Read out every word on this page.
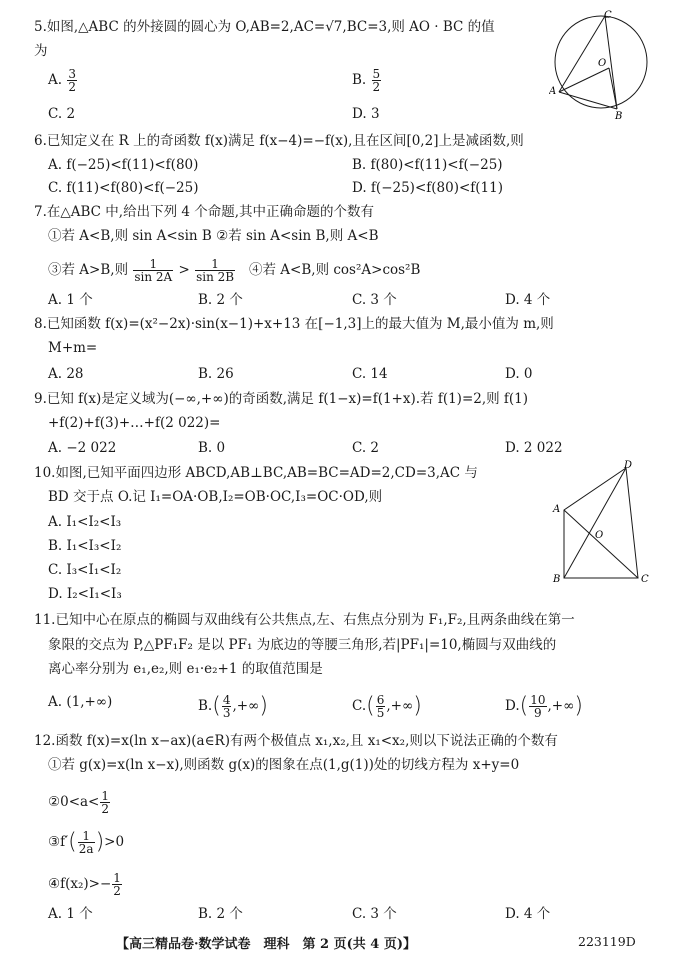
5.如图,△ABC 的外接圆的圆心为 O,AB=2,AC=√7,BC=3,则 AO · BC 的值
为
A. $\frac{3}{2}$	B. $\frac{5}{2}$
C. 2	D. 3
C
O
A
B
6.已知定义在 R 上的奇函数 f(x)满足 f(x−4)=−f(x),且在区间[0,2]上是减函数,则
A. f(−25)<f(11)<f(80)	B. f(80)<f(11)<f(−25)
C. f(11)<f(80)<f(−25)	D. f(−25)<f(80)<f(11)
7.在△ABC 中,给出下列 4 个命题,其中正确命题的个数有
①若 A<B,则 sin A<sin B ②若 sin A<sin B,则 A<B
③若 A>B,则 $\frac{1}{\sin 2A} > \frac{1}{\sin 2B}$ ④若 A<B,则 cos²A>cos²B
A. 1 个	B. 2 个	C. 3 个	D. 4 个
8.已知函数 f(x)=(x²−2x)·sin(x−1)+x+13 在[−1,3]上的最大值为 M,最小值为 m,则
M+m=
A. 28	B. 26	C. 14	D. 0
9.已知 f(x)是定义域为(−∞,+∞)的奇函数,满足 f(1−x)=f(1+x).若 f(1)=2,则 f(1)
+f(2)+f(3)+…+f(2 022)=
A. −2 022	B. 0	C. 2	D. 2 022
10.如图,已知平面四边形 ABCD,AB⊥BC,AB=BC=AD=2,CD=3,AC 与
BD 交于点 O.记 I₁=OA·OB,I₂=OB·OC,I₃=OC·OD,则
A. I₁<I₂<I₃
B. I₁<I₃<I₂
C. I₃<I₁<I₂
D. I₂<I₁<I₃
D
A
O
B	C
11.已知中心在原点的椭圆与双曲线有公共焦点,左、右焦点分别为 F₁,F₂,且两条曲线在第一
象限的交点为 P,△PF₁F₂ 是以 PF₁ 为底边的等腰三角形,若|PF₁|=10,椭圆与双曲线的
离心率分别为 e₁,e₂,则 e₁·e₂+1 的取值范围是
A. (1,+∞)	$B.( \frac{4}{3}$ ,+∞)	$C.( \frac{6}{5}$ ,+∞)	$D.( \frac{10}{9}$ ,+∞)
12.函数 f(x)=x(ln x−ax)(a∈R)有两个极值点 x₁,x₂,且 x₁<x₂,则以下说法正确的个数有
①若 g(x)=x(ln x−x),则函数 g(x)的图象在点(1,g(1))处的切线方程为 x+y=0
②0<a< $\frac{1}{2}$
③f′( $\frac{1}{2a} )>0$
④f(x₂)>− $\frac{1}{2}$
A. 1 个	B. 2 个	C. 3 个	D. 4 个
【高三精品卷·数学试卷　理科　第 2 页(共 4 页)】	223119D
